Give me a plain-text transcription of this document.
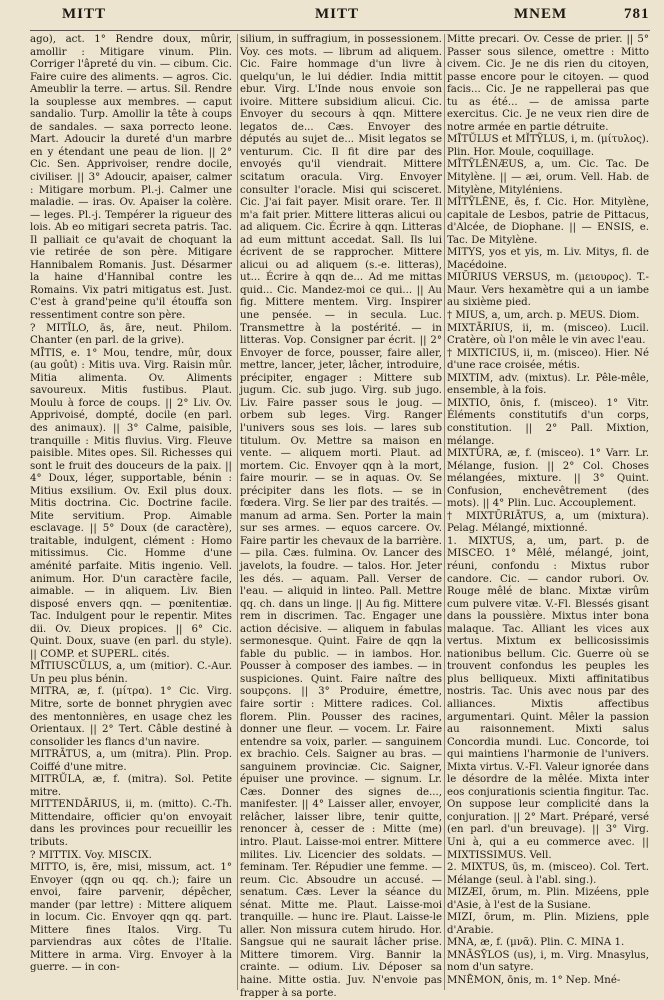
MITT	MITT	MNEM	781

ago), act. 1° Rendre doux, mûrir, amollir : Mitigare vinum. Plin. Corriger l'âpreté du vin. — cibum. Cic. Faire cuire des aliments. — agros. Cic. Ameublir la terre. — artus. Sil. Rendre la souplesse aux membres. — caput sandalio. Turp. Amollir la tête à coups de sandales. — saxa porrecto leone. Mart. Adoucir la dureté d'un marbre en y étendant une peau de lion. || 2° Cic. Sen. Apprivoiser, rendre docile, civiliser. || 3° Adoucir, apaiser, calmer : Mitigare morbum. Pl.-j. Calmer une maladie. — iras. Ov. Apaiser la colère. — leges. Pl.-j. Tempérer la rigueur des lois. Ab eo mitigari secreta patris. Tac. Il palliait ce qu'avait de choquant la vie retirée de son père. Mitigare Hannibalem Romanis. Just. Désarmer la haine d'Hannibal contre les Romains. Vix patri mitigatus est. Just. C'est à grand'peine qu'il étouffa son ressentiment contre son père.

? MITĬLO, ās, āre, neut. Philom. Chanter (en parl. de la grive).

MĪTIS, e. 1° Mou, tendre, mûr, doux (au goût) : Mitis uva. Virg. Raisin mûr. Mitia alimenta. Ov. Aliments savoureux. Mitis fustibus. Plaut. Moulu à force de coups. || 2° Liv. Ov. Apprivoisé, dompté, docile (en parl. des animaux). || 3° Calme, paisible, tranquille : Mitis fluvius. Virg. Fleuve paisible. Mites opes. Sil. Richesses qui sont le fruit des douceurs de la paix. || 4° Doux, léger, supportable, bénin : Mitius exsilium. Ov. Exil plus doux. Mitis doctrina. Cic. Doctrine facile. Mite servitium. Prop. Aimable esclavage. || 5° Doux (de caractère), traitable, indulgent, clément : Homo mitissimus. Cic. Homme d'une aménité parfaite. Mitis ingenio. Vell. animum. Hor. D'un caractère facile, aimable. — in aliquem. Liv. Bien disposé envers qqn. — pœnitentiæ. Tac. Indulgent pour le repentir. Mites dii. Ov. Dieux propices. || 6° Cic. Quint. Doux, suave (en parl. du style). || COMP. et SUPERL. cités.

MĪTIUSCŬLUS, a, um (mitior). C.-Aur. Un peu plus bénin.

MITRA, æ, f. (μίτρα). 1° Cic. Virg. Mitre, sorte de bonnet phrygien avec des mentonnières, en usage chez les Orientaux. || 2° Tert. Câble destiné à consolider les flancs d'un navire.

MITRĀTUS, a, um (mitra). Plin. Prop. Coiffé d'une mitre.

MITRŬLA, æ, f. (mitra). Sol. Petite mitre.

MITTENDĀRIUS, ii, m. (mitto). C.-Th. Mittendaire, officier qu'on envoyait dans les provinces pour recueillir les tributs.

? MITTIX. Voy. MISCIX.

MITTO, is, ēre, misi, missum, act. 1° Envoyer (qqn ou qq. ch.); faire un envoi, faire parvenir, dépêcher, mander (par lettre) : Mittere aliquem in locum. Cic. Envoyer qqn qq. part. Mittere fines Italos. Virg. Tu parviendras aux côtes de l'Italie. Mittere in arma. Virg. Envoyer à la guerre. — in con-

silium, in suffragium, in possessionem. Voy. ces mots. — librum ad aliquem. Cic. Faire hommage d'un livre à quelqu'un, le lui dédier. India mittit ebur. Virg. L'Inde nous envoie son ivoire. Mittere subsidium alicui. Cic. Envoyer du secours à qqn. Mittere legatos de... Cæs. Envoyer des députés au sujet de... Misit legatos se venturum. Cic. Il fit dire par des envoyés qu'il viendrait. Mittere scitatum oracula. Virg. Envoyer consulter l'oracle. Misi qui scisceret. Cic. J'ai fait payer. Misit orare. Ter. Il m'a fait prier. Mittere litteras alicui ou ad aliquem. Cic. Écrire à qqn. Litteras ad eum mittunt accedat. Sall. Ils lui écrivent de se rapprocher. Mittere alicui ou ad aliquem (s.-e. litteras), ut... Écrire à qqn de... Ad me mittas quid... Cic. Mandez-moi ce qui... || Au fig. Mittere mentem. Virg. Inspirer une pensée. — in secula. Luc. Transmettre à la postérité. — in litteras. Vop. Consigner par écrit. || 2° Envoyer de force, pousser, faire aller, mettre, lancer, jeter, lâcher, introduire, précipiter, engager : Mittere sub jugum. Cic. sub jugo. Virg. sub jugo. Liv. Faire passer sous le joug. — orbem sub leges. Virg. Ranger l'univers sous ses lois. — lares sub titulum. Ov. Mettre sa maison en vente. — aliquem morti. Plaut. ad mortem. Cic. Envoyer qqn à la mort, faire mourir. — se in aquas. Ov. Se précipiter dans les flots. — se in fœdera. Virg. Se lier par des traités. — manum ad arma. Sen. Porter la main sur ses armes. — equos carcere. Ov. Faire partir les chevaux de la barrière. — pila. Cæs. fulmina. Ov. Lancer des javelots, la foudre. — talos. Hor. Jeter les dés. — aquam. Pall. Verser de l'eau. — aliquid in linteo. Pall. Mettre qq. ch. dans un linge. || Au fig. Mittere rem in discrimen. Tac. Engager une action décisive. — aliquem in fabulas sermonesque. Quint. Faire de qqn la fable du public. — in iambos. Hor. Pousser à composer des iambes. — in suspiciones. Quint. Faire naître des soupçons. || 3° Produire, émettre, faire sortir : Mittere radices. Col. florem. Plin. Pousser des racines, donner une fleur. — vocem. Lr. Faire entendre sa voix, parler. — sanguinem ex brachio. Cels. Saigner au bras. — sanguinem provinciæ. Cic. Saigner, épuiser une province. — signum. Lr. Cæs. Donner des signes de..., manifester. || 4° Laisser aller, envoyer, relâcher, laisser libre, tenir quitte, renoncer à, cesser de : Mitte (me) intro. Plaut. Laisse-moi entrer. Mittere milites. Liv. Licencier des soldats. — feminam. Ter. Répudier une femme. — reum. Cic. Absoudre un accusé. — senatum. Cæs. Lever la séance du sénat. Mitte me. Plaut. Laisse-moi tranquille. — hunc ire. Plaut. Laisse-le aller. Non missura cutem hirudo. Hor. Sangsue qui ne saurait lâcher prise. Mittere timorem. Virg. Bannir la crainte. — odium. Liv. Déposer sa haine. Mitte ostia. Juv. N'envoie pas frapper à sa porte.

Mitte precari. Ov. Cesse de prier. || 5° Passer sous silence, omettre : Mitto civem. Cic. Je ne dis rien du citoyen, passe encore pour le citoyen. — quod facis... Cic. Je ne rappellerai pas que tu as été... — de amissa parte exercitus. Cic. Je ne veux rien dire de notre armée en partie détruite.

MĪTŬLUS et MĬTỸLUS, i, m. (μίτυλος). Plin. Hor. Moule, coquillage.

MĬTỸLĒNÆUS, a, um. Cic. Tac. De Mitylène. || — æi, orum. Vell. Hab. de Mitylène, Mityléniens.

MĬTỸLĒNE, ēs, f. Cic. Hor. Mitylène, capitale de Lesbos, patrie de Pittacus, d'Alcée, de Diophane. || — ENSIS, e. Tac. De Mitylène.

MITYS, yos et yis, m. Liv. Mitys, fl. de Macédoine.

MIŪRIUS VERSUS, m. (μειουρος). T.-Maur. Vers hexamètre qui a un iambe au sixième pied.

† MIUS, a, um, arch. p. MEUS. Diom.

MIXTĀRIUS, ii, m. (misceo). Lucil. Cratère, où l'on mêle le vin avec l'eau.

† MIXTICIUS, ii, m. (misceo). Hier. Né d'une race croisée, métis.

MIXTIM, adv. (mixtus). Lr. Pêle-mêle, ensemble, à la fois.

MIXTIO, ōnis, f. (misceo). 1° Vitr. Éléments constitutifs d'un corps, constitution. || 2° Pall. Mixtion, mélange.

MIXTŪRA, æ, f. (misceo). 1° Varr. Lr. Mélange, fusion. || 2° Col. Choses mélangées, mixture. || 3° Quint. Confusion, enchevêtrement (des mots). || 4° Plin. Luc. Accouplement.

† MIXTŪRIĀTUS, a, um (mixtura). Pelag. Mélangé, mixtionné.

1. MIXTUS, a, um, part. p. de MISCEO. 1° Mêlé, mélangé, joint, réuni, confondu : Mixtus rubor candore. Cic. — candor rubori. Ov. Rouge mêlé de blanc. Mixtæ virûm cum pulvere vitæ. V.-Fl. Blessés gisant dans la poussière. Mixtus inter bona malaque. Tac. Alliant les vices aux vertus. Mixtum ex bellicosissimis nationibus bellum. Cic. Guerre où se trouvent confondus les peuples les plus belliqueux. Mixti affinitatibus nostris. Tac. Unis avec nous par des alliances. Mixtis affectibus argumentari. Quint. Mêler la passion au raisonnement. Mixti salus Concordia mundi. Luc. Concorde, toi qui maintiens l'harmonie de l'univers. Mixta virtus. V.-Fl. Valeur ignorée dans le désordre de la mêlée. Mixta inter eos conjurationis scientia fingitur. Tac. On suppose leur complicité dans la conjuration. || 2° Mart. Préparé, versé (en parl. d'un breuvage). || 3° Virg. Uni à, qui a eu commerce avec. || MIXTISSIMUS. Vell.

2. MIXTUS, ūs, m. (misceo). Col. Tert. Mélange (seul. à l'abl. sing.).

MIZÆI, ōrum, m. Plin. Mizéens, pple d'Asie, à l'est de la Susiane.

MIZI, ōrum, m. Plin. Miziens, pple d'Arabie.

MNA, æ, f. (μνᾶ). Plin. C. MINA 1.

MNĀSȲLOS (us), i, m. Virg. Mnasylus, nom d'un satyre.

MNĒMON, ōnis, m. 1° Nep. Mné-
